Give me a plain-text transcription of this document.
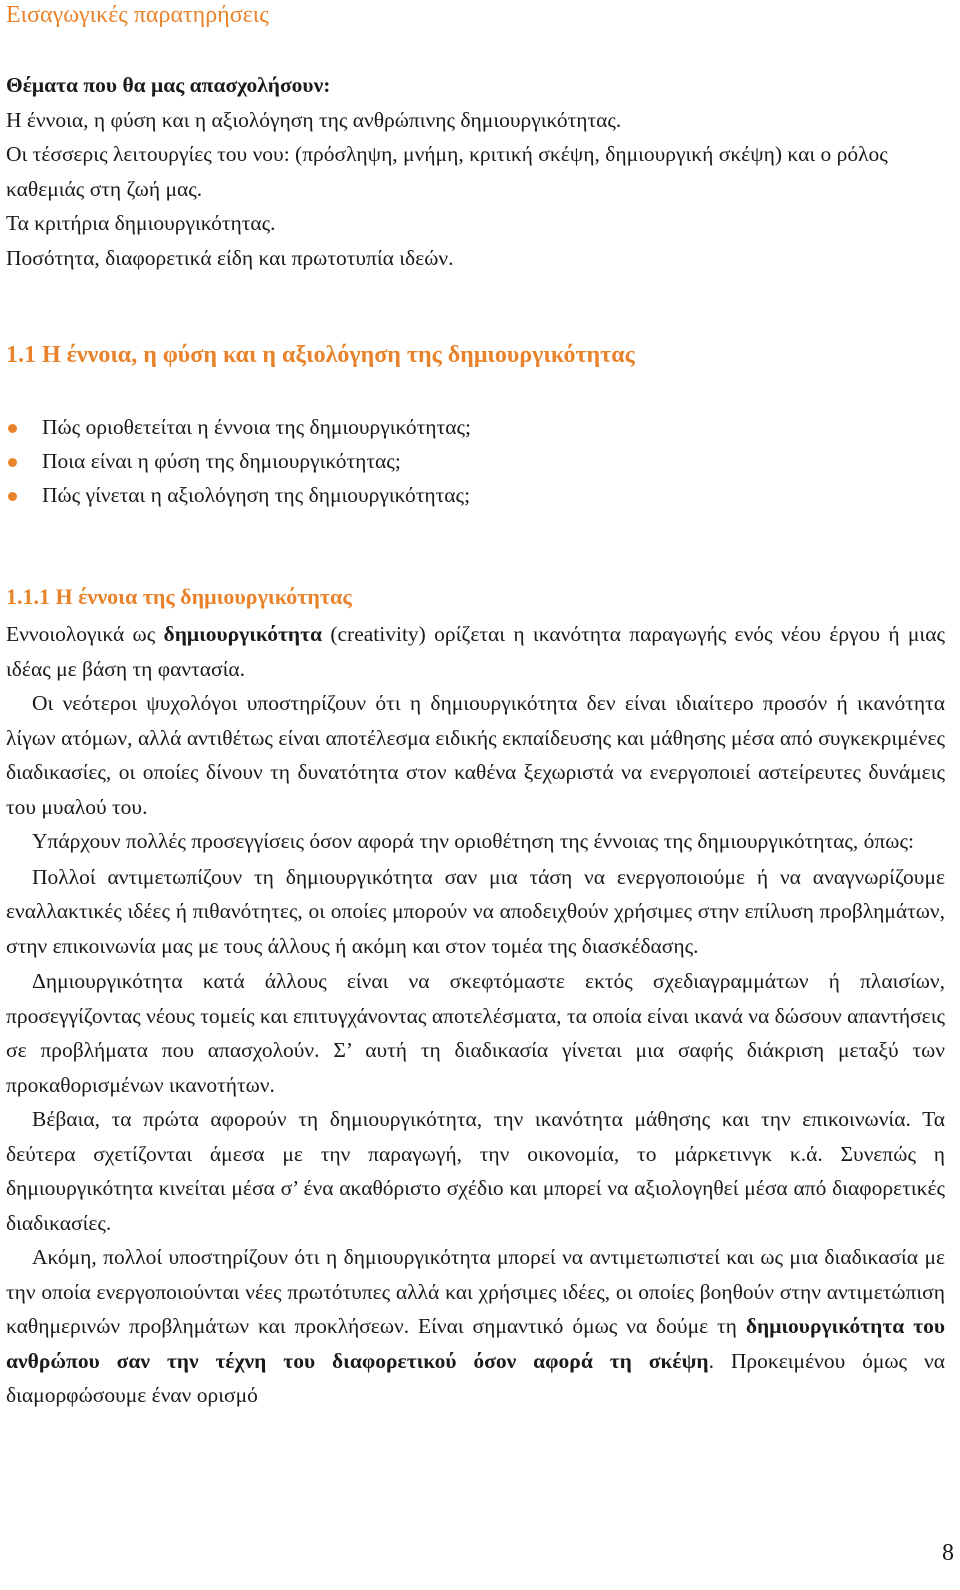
Εισαγωγικές παρατηρήσεις
Θέματα που θα μας απασχολήσουν:
Η έννοια, η φύση και η αξιολόγηση της ανθρώπινης δημιουργικότητας.
Οι τέσσερις λειτουργίες του νου: (πρόσληψη, μνήμη, κριτική σκέψη, δημιουργική σκέψη) και ο ρόλος καθεμιάς στη ζωή μας.
Τα κριτήρια δημιουργικότητας.
Ποσότητα, διαφορετικά είδη και πρωτοτυπία ιδεών.
1.1 Η έννοια, η φύση και η αξιολόγηση της δημιουργικότητας
Πώς οριοθετείται η έννοια της δημιουργικότητας;
Ποια είναι η φύση της δημιουργικότητας;
Πώς γίνεται η αξιολόγηση της δημιουργικότητας;
1.1.1 Η έννοια της δημιουργικότητας

Εννοιολογικά ως δημιουργικότητα (creativity) ορίζεται η ικανότητα παραγωγής ενός νέου έργου ή μιας ιδέας με βάση τη φαντασία.

Οι νεότεροι ψυχολόγοι υποστηρίζουν ότι η δημιουργικότητα δεν είναι ιδιαίτερο προσόν ή ικανότητα λίγων ατόμων, αλλά αντιθέτως είναι αποτέλεσμα ειδικής εκπαίδευσης και μάθησης μέσα από συγκεκριμένες διαδικασίες, οι οποίες δίνουν τη δυνατότητα στον καθένα ξεχωριστά να ενεργοποιεί αστείρευτες δυνάμεις του μυαλού του.

Υπάρχουν πολλές προσεγγίσεις όσον αφορά την οριοθέτηση της έννοιας της δημιουργικότητας, όπως:

Πολλοί αντιμετωπίζουν τη δημιουργικότητα σαν μια τάση να ενεργοποιούμε ή να αναγνωρίζουμε εναλλακτικές ιδέες ή πιθανότητες, οι οποίες μπορούν να αποδειχθούν χρήσιμες στην επίλυση προβλημάτων, στην επικοινωνία μας με τους άλλους ή ακόμη και στον τομέα της διασκέδασης.

Δημιουργικότητα κατά άλλους είναι να σκεφτόμαστε εκτός σχεδιαγραμμάτων ή πλαισίων, προσεγγίζοντας νέους τομείς και επιτυγχάνοντας αποτελέσματα, τα οποία είναι ικανά να δώσουν απαντήσεις σε προβλήματα που απασχολούν. Σ’ αυτή τη διαδικασία γίνεται μια σαφής διάκριση μεταξύ των προκαθορισμένων ικανοτήτων.

Βέβαια, τα πρώτα αφορούν τη δημιουργικότητα, την ικανότητα μάθησης και την επικοινωνία. Τα δεύτερα σχετίζονται άμεσα με την παραγωγή, την οικονομία, το μάρκετινγκ κ.ά. Συνεπώς η δημιουργικότητα κινείται μέσα σ’ ένα ακαθόριστο σχέδιο και μπορεί να αξιολογηθεί μέσα από διαφορετικές διαδικασίες.

Ακόμη, πολλοί υποστηρίζουν ότι η δημιουργικότητα μπορεί να αντιμετωπιστεί και ως μια διαδικασία με την οποία ενεργοποιούνται νέες πρωτότυπες αλλά και χρήσιμες ιδέες, οι οποίες βοηθούν στην αντιμετώπιση καθημερινών προβλημάτων και προκλήσεων. Είναι σημαντικό όμως να δούμε τη δημιουργικότητα του ανθρώπου σαν την τέχνη του διαφορετικού όσον αφορά τη σκέψη. Προκειμένου όμως να διαμορφώσουμε έναν ορισμό

8
